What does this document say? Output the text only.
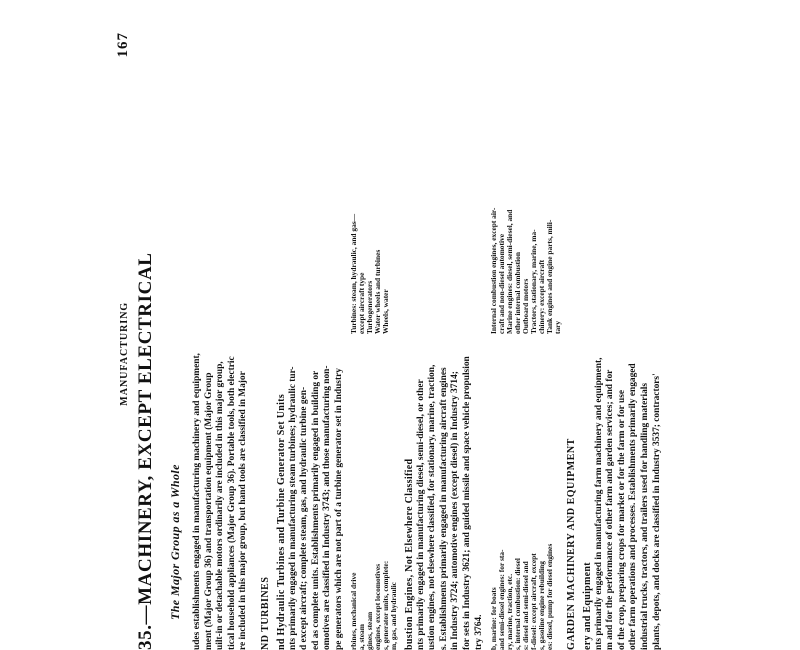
MANUFACTURING
167
35.—MACHINERY, EXCEPT ELECTRICAL The Major Group as a Whole udes establishments engaged in manufacturing machinery and equipment, ment (Major Group 36) and transportation equipment (Major Group uilt-in or detachable motors ordinarily are included in this major group, tical household appliances (Major Group 36). Portable tools, both electric re included in this major group, but hand tools are classified in Major ND TURBINES nd Hydraulic Turbines and Turbine Generator Set Units nts primarily engaged in manufacturing steam turbines; hydraulic tur- d except aircraft; complete steam, gas, and hydraulic turbine gen- ed as complete units. Establishments primarily engaged in building or omotives are classified in Industry 3743; and those manufacturing non- pe generators which are not part of a turbine generator set in Industry rbines, mechanical drive a, steam gines, steam engines, except locomotives s, generator units, complete: m, gas, and hydraulic
Turbines: steam, hydraulic, and gas— except aircraft type Turbogenerators Water wheels and turbines Wheels, water

bustion Engines, Not Elsewhere Classified nts primarily engaged in manufacturing diesel, semi-diesel, or other ustion engines, not elsewhere classified, for stationary, marine, traction, s. Establishments primarily engaged in manufacturing aircraft engines in Industry 3724; automotive engines (except diesel) in Industry 3714; for sets in Industry 3621; and guided missile and space vehicle propulsion try 3764. b, marine: for boats and semi-diesel engines: for sta- ry, marine, traction, etc. s, internal combustion: diesel s: diesel and semi-diesel and f-diesel: except aircraft, except s, gasoline engine rebuilding es: diesel, pump for diesel engines
Internal combustion engines, except air- craft and non-diesel automotive Marine engines: diesel, semi-diesel, and other internal combustion Outboard motors Tractors, stationary, marine, ma- chinery: except aircraft Tank engines and engine parts, mili- tary
GARDEN MACHINERY AND EQUIPMENT ery and Equipment nts primarily engaged in manufacturing farm machinery and equipment, m and for the performance of other farm and garden services; and for of the crop, preparing crops for market or for the farm or for use other farm operations and processes. Establishments primarily engaged industrial trucks, tractors, and trailers used for handling materials plants, depots, and docks are classified in Industry 3537; contractors'
